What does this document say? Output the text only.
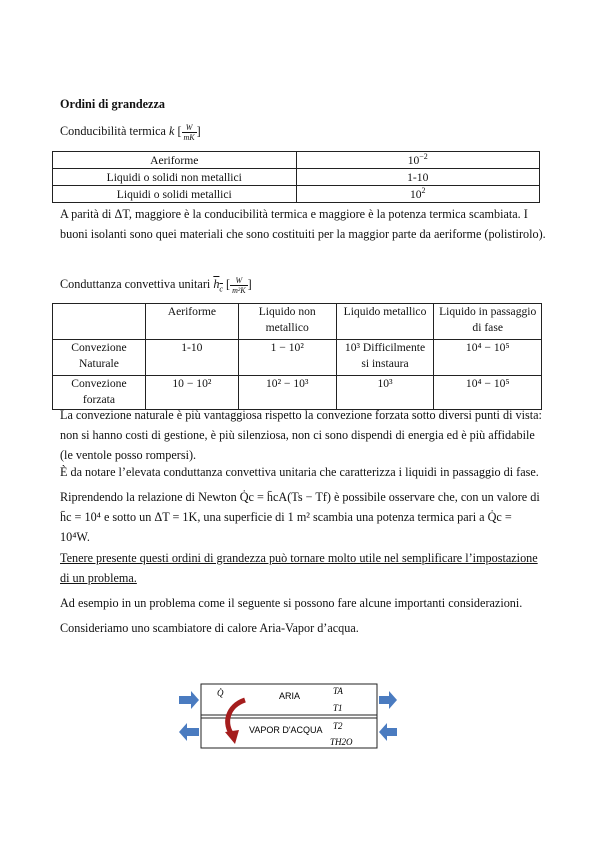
Ordini di grandezza
Conducibilità termica k [ $\frac{W}{mK}$ ]
Aeriforme	$10^{-2}$
Liquidi o solidi non metallici	1-10
Liquidi o solidi metallici	$10^2$
A parità di ΔT, maggiore è la conducibilità termica e maggiore è la potenza termica scambiata. I
buoni isolanti sono quei materiali che sono costituiti per la maggior parte da aeriforme (polistirolo).
Conduttanza convettiva unitari $h_c$ [ $\frac{W}{\text{m²K}}$ ]
	Aeriforme	Liquido non metallico	Liquido metallico	Liquido in passaggio di fase
Convezione Naturale	1-10	1 − 10²	10³ Difficilmente si instaura	10⁴ − 10⁵
Convezione forzata	10 − 10²	10² − 10³	10³	10⁴ − 10⁵
La convezione naturale è più vantaggiosa rispetto la convezione forzata sotto diversi punti di vista:
non si hanno costi di gestione, è più silenziosa, non ci sono dispendi di energia ed è più affidabile
(le ventole posso rompersi).
È da notare l’elevata conduttanza convettiva unitaria che caratterizza i liquidi in passaggio di fase.
Riprendendo la relazione di Newton Q̇c = h̄cA(Ts − Tf) è possibile osservare che, con un valore di
h̄c = 10⁴ e sotto un ΔT = 1K, una superficie di 1 m² scambia una potenza termica pari a Q̇c =
10⁴W.
Tenere presente questi ordini di grandezza può tornare molto utile nel semplificare l’impostazione
di un problema.
Ad esempio in un problema come il seguente si possono fare alcune importanti considerazioni.
Consideriamo uno scambiatore di calore Aria-Vapor d’acqua.
Q̇	ARIA
VAPOR D'ACQUA
TA
T1
T2
TH2O
